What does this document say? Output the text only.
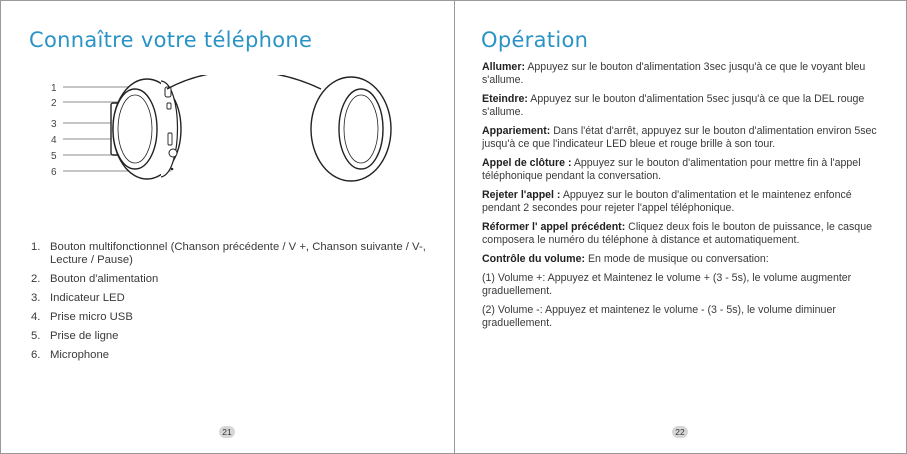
Connaître votre téléphone
1
2
3
4
5
6
1. Bouton multifonctionnel (Chanson précédente / V +, Chanson suivante / V-, Lecture / Pause)
2. Bouton d'alimentation
3. Indicateur LED
4. Prise micro USB
5. Prise de ligne
6. Microphone
21
Opération

Allumer: Appuyez sur le bouton d'alimentation 3sec jusqu'à ce que le voyant bleu s'allume.

Eteindre: Appuyez sur le bouton d'alimentation 5sec jusqu'à ce que la DEL rouge s'allume.

Appariement: Dans l'état d'arrêt, appuyez sur le bouton d'alimentation environ 5sec jusqu'à ce que l'indicateur LED bleue et rouge brille à son tour.

Appel de clôture : Appuyez sur le bouton d'alimentation pour mettre fin à l'appel téléphonique pendant la conversation.

Rejeter l'appel : Appuyez sur le bouton d'alimentation et le maintenez enfoncé pendant 2 secondes pour rejeter l'appel téléphonique.

Réformer l' appel précédent: Cliquez deux fois le bouton de puissance, le casque composera le numéro du téléphone à distance et automatiquement.

Contrôle du volume: En mode de musique ou conversation:

(1) Volume +: Appuyez et Maintenez le volume + (3 - 5s), le volume augmenter graduellement.

(2) Volume -: Appuyez et maintenez le volume - (3 - 5s), le volume diminuer graduellement.

22
